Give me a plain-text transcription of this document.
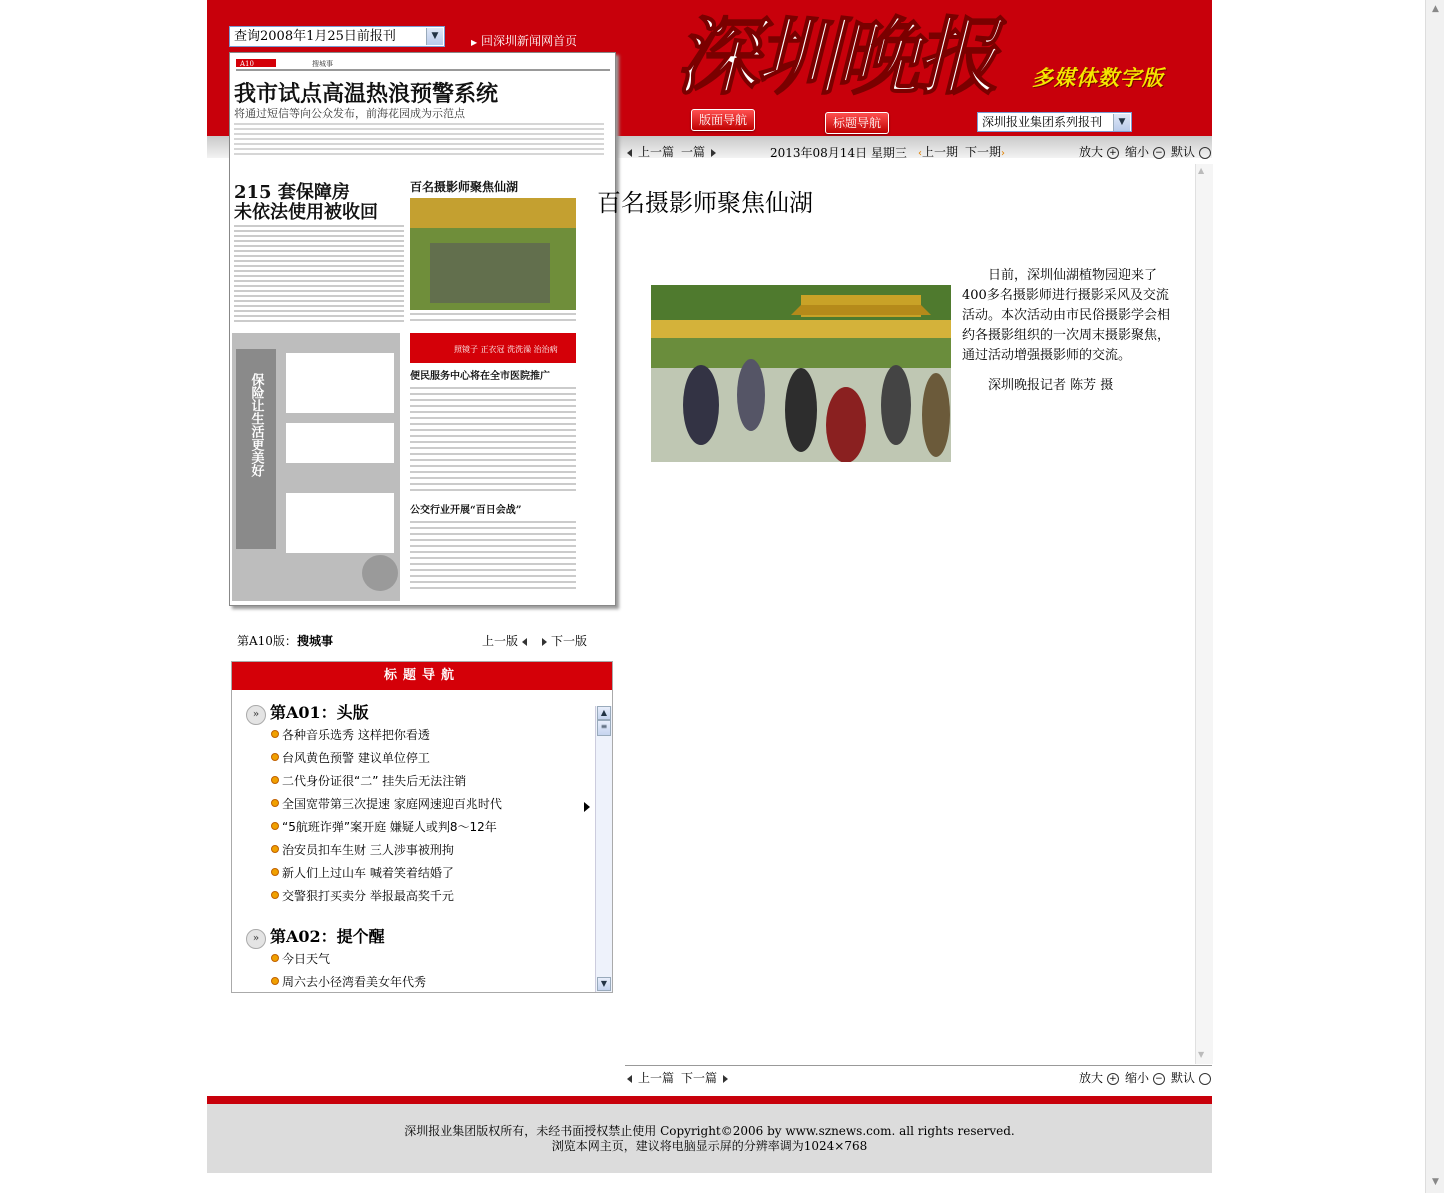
▲
▼
查询2008年1月25日前报刊	▼
▶ 回深圳新闻网首页 深圳晚报	多媒体数字版
版面导航	标题导航	深圳报业集团系列报刊	▼
A10	搜城事
我市试点高温热浪预警系统
将通过短信等向公众发布，前海花园成为示范点
215 套保障房
未依法使用被收回
百名摄影师聚焦仙湖
照镜子 正衣冠 洗洗澡 治治病
便民服务中心将在全市医院推广
公交行业开展“百日会战”
保险让生活更美好
第A10版：搜城事	上一版	下一版
标题导航
» 第A01：头版
各种音乐选秀 这样把你看透
台风黄色预警 建议单位停工
二代身份证很“二” 挂失后无法注销
全国宽带第三次提速 家庭网速迎百兆时代
“5航班诈弹”案开庭 嫌疑人或判8～12年
治安员扣车生财 三人涉事被刑拘
新人们上过山车 喊着笑着结婚了
交警狠打买卖分 举报最高奖千元
» 第A02：提个醒
今日天气
周六去小径湾看美女年代秀
▲
≡
▼
上一篇 一篇	2013年08月14日 星期三 ‹上一期 下一期›	放大 + 缩小 − 默认
▲
▼
上一篇 下一篇	放大 + 缩小 − 默认
深圳报业集团版权所有，未经书面授权禁止使用 Copyright©2006 by www.sznews.com. all rights reserved.
浏览本网主页，建议将电脑显示屏的分辨率调为1024×768
百名摄影师聚焦仙湖

日前，深圳仙湖植物园迎来了400多名摄影师进行摄影采风及交流活动。本次活动由市民俗摄影学会相约各摄影组织的一次周末摄影聚焦，通过活动增强摄影师的交流。

深圳晚报记者 陈芳 摄
